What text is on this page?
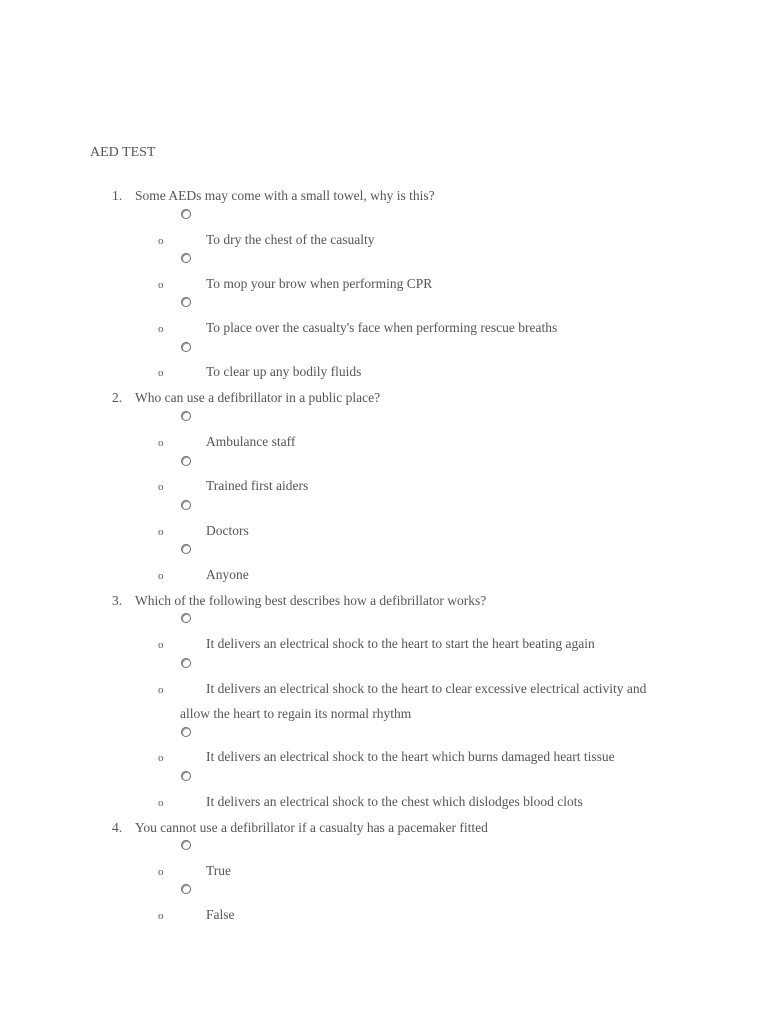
AED TEST
1. Some AEDs may come with a small towel, why is this?
o	To dry the chest of the casualty
o	To mop your brow when performing CPR
o	To place over the casualty's face when performing rescue breaths
o	To clear up any bodily fluids
2. Who can use a defibrillator in a public place?
o	Ambulance staff
o	Trained first aiders
o	Doctors
o	Anyone
3. Which of the following best describes how a defibrillator works?
o	It delivers an electrical shock to the heart to start the heart beating again
o	It delivers an electrical shock to the heart to clear excessive electrical activity and
allow the heart to regain its normal rhythm
o	It delivers an electrical shock to the heart which burns damaged heart tissue
o	It delivers an electrical shock to the chest which dislodges blood clots
4. You cannot use a defibrillator if a casualty has a pacemaker fitted
o	True
o	False
